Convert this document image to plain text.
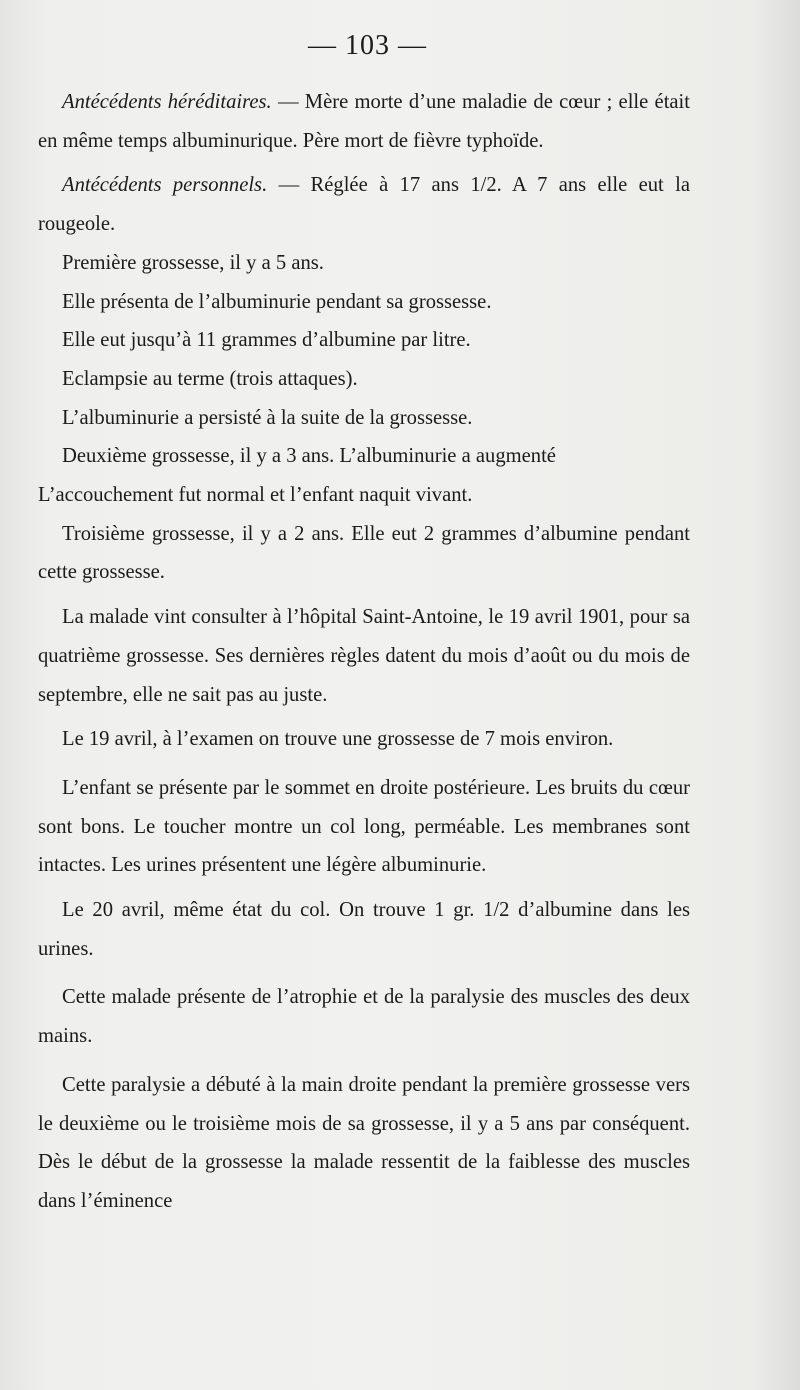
— 103 —

Antécédents héréditaires. — Mère morte d’une maladie de cœur ; elle était en même temps albuminurique. Père mort de fièvre typhoïde.

Antécédents personnels. — Réglée à 17 ans 1/2. A 7 ans elle eut la rougeole.

Première grossesse, il y a 5 ans.

Elle présenta de l’albuminurie pendant sa grossesse.

Elle eut jusqu’à 11 grammes d’albumine par litre.

Eclampsie au terme (trois attaques).

L’albuminurie a persisté à la suite de la grossesse.

Deuxième grossesse, il y a 3 ans. L’albuminurie a augmenté

L’accouchement fut normal et l’enfant naquit vivant.

Troisième grossesse, il y a 2 ans. Elle eut 2 grammes d’albumine pendant cette grossesse.

La malade vint consulter à l’hôpital Saint-Antoine, le 19 avril 1901, pour sa quatrième grossesse. Ses dernières règles datent du mois d’août ou du mois de septembre, elle ne sait pas au juste.

Le 19 avril, à l’examen on trouve une grossesse de 7 mois environ.

L’enfant se présente par le sommet en droite postérieure. Les bruits du cœur sont bons. Le toucher montre un col long, perméable. Les membranes sont intactes. Les urines présentent une légère albuminurie.

Le 20 avril, même état du col. On trouve 1 gr. 1/2 d’albumine dans les urines.

Cette malade présente de l’atrophie et de la paralysie des muscles des deux mains.

Cette paralysie a débuté à la main droite pendant la première grossesse vers le deuxième ou le troisième mois de sa grossesse, il y a 5 ans par conséquent. Dès le début de la grossesse la malade ressentit de la faiblesse des muscles dans l’éminence
